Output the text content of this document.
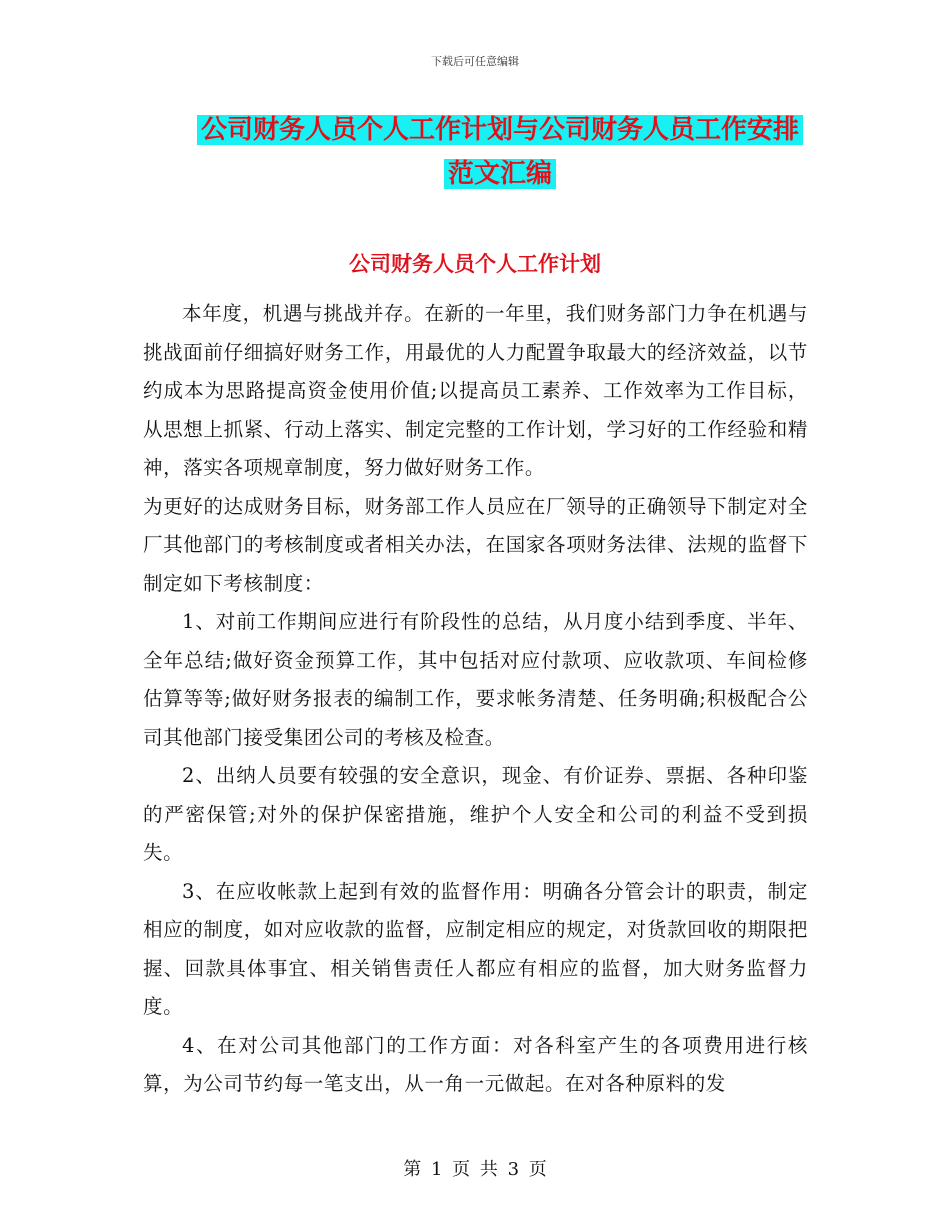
下载后可任意编辑
公司财务人员个人工作计划与公司财务人员工作安排
范文汇编
公司财务人员个人工作计划

本年度，机遇与挑战并存。在新的一年里，我们财务部门力争在机遇与挑战面前仔细搞好财务工作，用最优的人力配置争取最大的经济效益，以节约成本为思路提高资金使用价值;以提高员工素养、工作效率为工作目标，从思想上抓紧、行动上落实、制定完整的工作计划，学习好的工作经验和精神，落实各项规章制度，努力做好财务工作。

为更好的达成财务目标，财务部工作人员应在厂领导的正确领导下制定对全厂其他部门的考核制度或者相关办法，在国家各项财务法律、法规的监督下制定如下考核制度：

1、对前工作期间应进行有阶段性的总结，从月度小结到季度、半年、全年总结;做好资金预算工作，其中包括对应付款项、应收款项、车间检修估算等等;做好财务报表的编制工作，要求帐务清楚、任务明确;积极配合公司其他部门接受集团公司的考核及检查。

2、出纳人员要有较强的安全意识，现金、有价证券、票据、各种印鉴的严密保管;对外的保护保密措施，维护个人安全和公司的利益不受到损失。

3、在应收帐款上起到有效的监督作用：明确各分管会计的职责，制定相应的制度，如对应收款的监督，应制定相应的规定，对货款回收的期限把握、回款具体事宜、相关销售责任人都应有相应的监督，加大财务监督力度。

4、在对公司其他部门的工作方面：对各科室产生的各项费用进行核算，为公司节约每一笔支出，从一角一元做起。在对各种原料的发

第 1 页 共 3 页
